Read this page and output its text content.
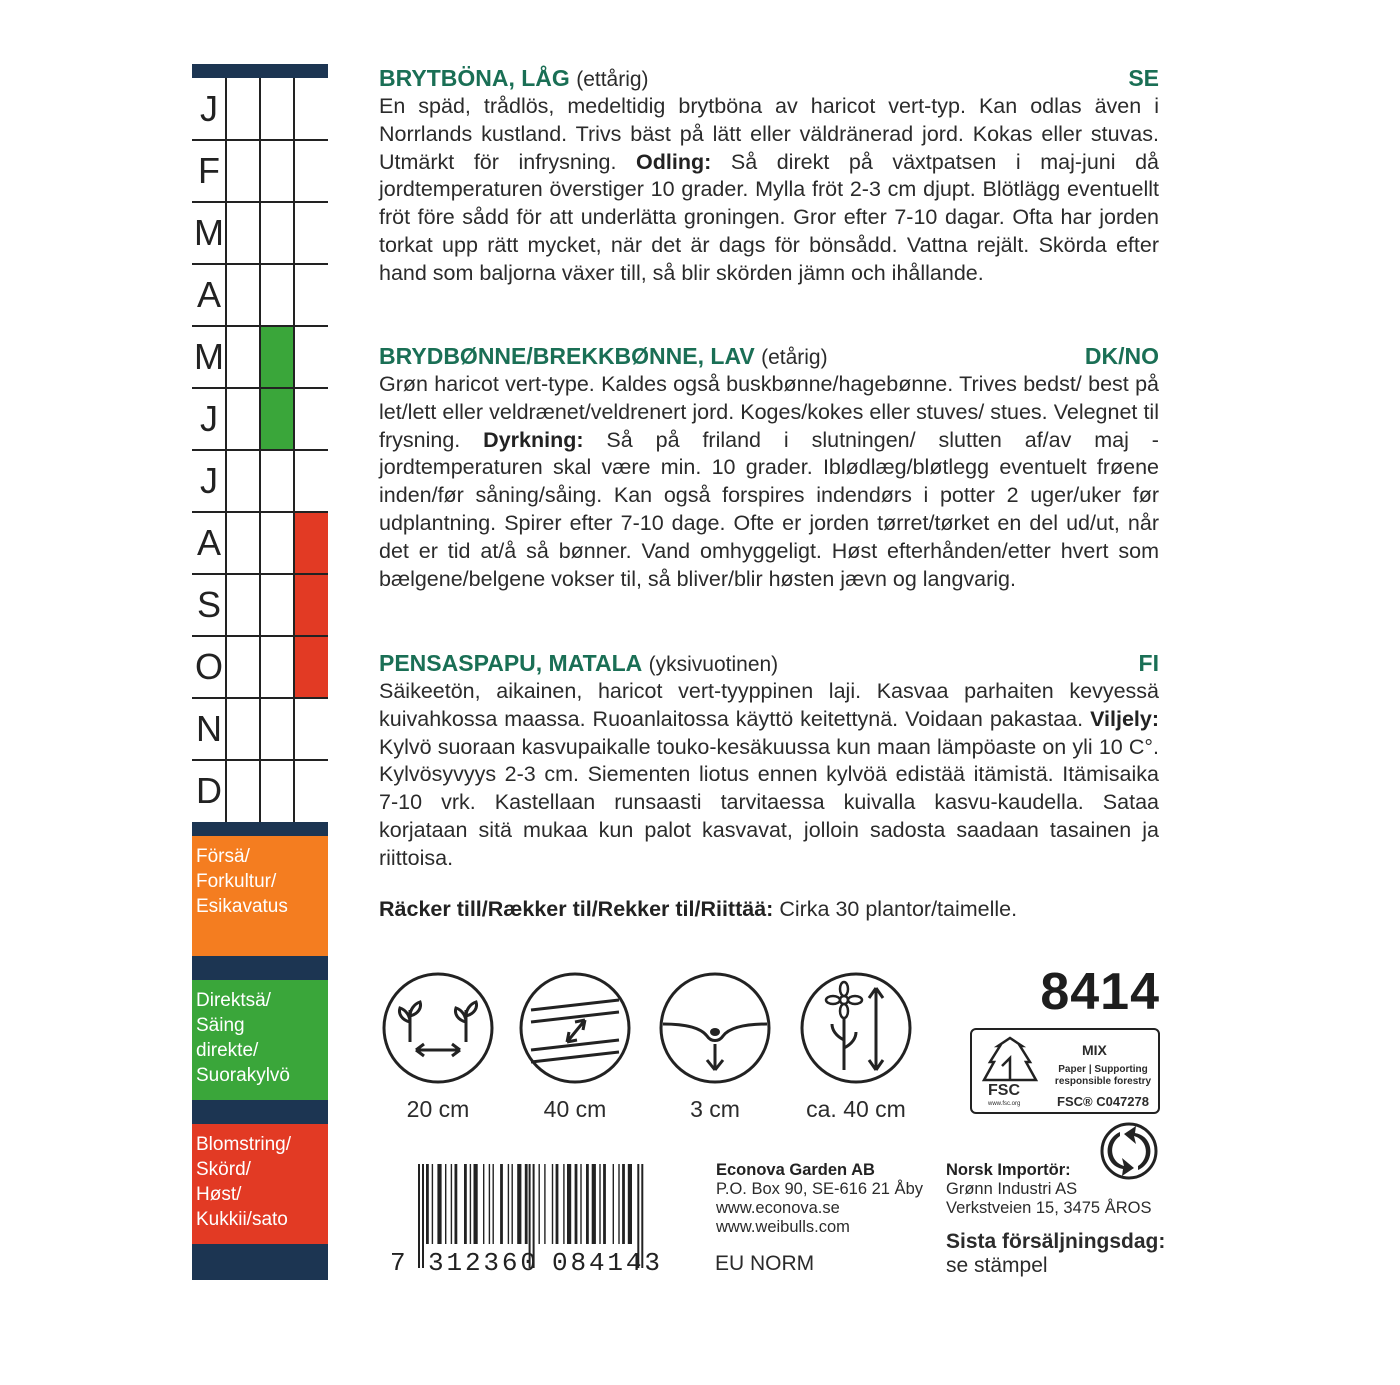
J
F
M
A
M
J
J
A
S
O
N
D
Försä/
Forkultur/
Esikavatus
Direktsä/
Säing
direkte/
Suorakylvö
Blomstring/
Skörd/
Høst/
Kukkii/sato
BRYTBÖNA, LÅG (ettårig)	SE
En späd, trådlös, medeltidig brytböna av haricot vert-typ. Kan odlas även i Norrlands kustland. Trivs bäst på lätt eller väldränerad jord. Kokas eller stuvas. Utmärkt för infrysning. Odling: Så direkt på växtpatsen i maj-juni då jordtemperaturen överstiger 10 grader. Mylla fröt 2-3 cm djupt. Blötlägg eventuellt fröt före sådd för att underlätta groningen. Gror efter 7-10 dagar. Ofta har jorden torkat upp rätt mycket, när det är dags för bönsådd. Vattna rejält. Skörda efter hand som baljorna växer till, så blir skörden jämn och ihållande.
BRYDBØNNE/BREKKBØNNE, LAV (etårig)	DK/NO
Grøn haricot vert-type. Kaldes også buskbønne/hagebønne. Trives bedst/ best på let/lett eller veldrænet/veldrenert jord. Koges/kokes eller stuves/ stues. Velegnet til frysning. Dyrkning: Så på friland i slutningen/ slutten af/av maj - jordtemperaturen skal være min. 10 grader. Iblødlæg/bløtlegg eventuelt frøene inden/før såning/såing. Kan også forspires indendørs i potter 2 uger/uker før udplantning. Spirer efter 7-10 dage. Ofte er jorden tørret/tørket en del ud/ut, når det er tid at/å så bønner. Vand omhyggeligt. Høst efterhånden/etter hvert som bælgene/belgene vokser til, så bliver/blir høsten jævn og langvarig.
PENSASPAPU, MATALA (yksivuotinen)	FI
Säikeetön, aikainen, haricot vert-tyyppinen laji. Kasvaa parhaiten kevyessä kuivahkossa maassa. Ruoanlaitossa käyttö keitettynä. Voidaan pakastaa. Viljely: Kylvö suoraan kasvupaikalle touko-kesäkuussa kun maan lämpöaste on yli 10 C°. Kylvösyvyys 2-3 cm. Siementen liotus ennen kylvöä edistää itämistä. Itämisaika 7-10 vrk. Kastellaan runsaasti tarvitaessa kuivalla kasvu-kaudella. Sataa korjataan sitä mukaa kun palot kasvavat, jolloin sadosta saadaan tasainen ja riittoisa.
Räcker till/Rækker til/Rekker til/Riittää: Cirka 30 plantor/taimelle.
20 cm	40 cm	3 cm	ca. 40 cm
8414
FSC
www.fsc.org
MIX
Paper | Supporting responsible forestry
FSC® C047278
7 312360 084143
Econova Garden AB
P.O. Box 90, SE-616 21 Åby
www.econova.se
www.weibulls.com
EU NORM
Norsk Importör:
Grønn Industri AS
Verkstveien 15, 3475 ÅROS
Sista försäljningsdag:
se stämpel
